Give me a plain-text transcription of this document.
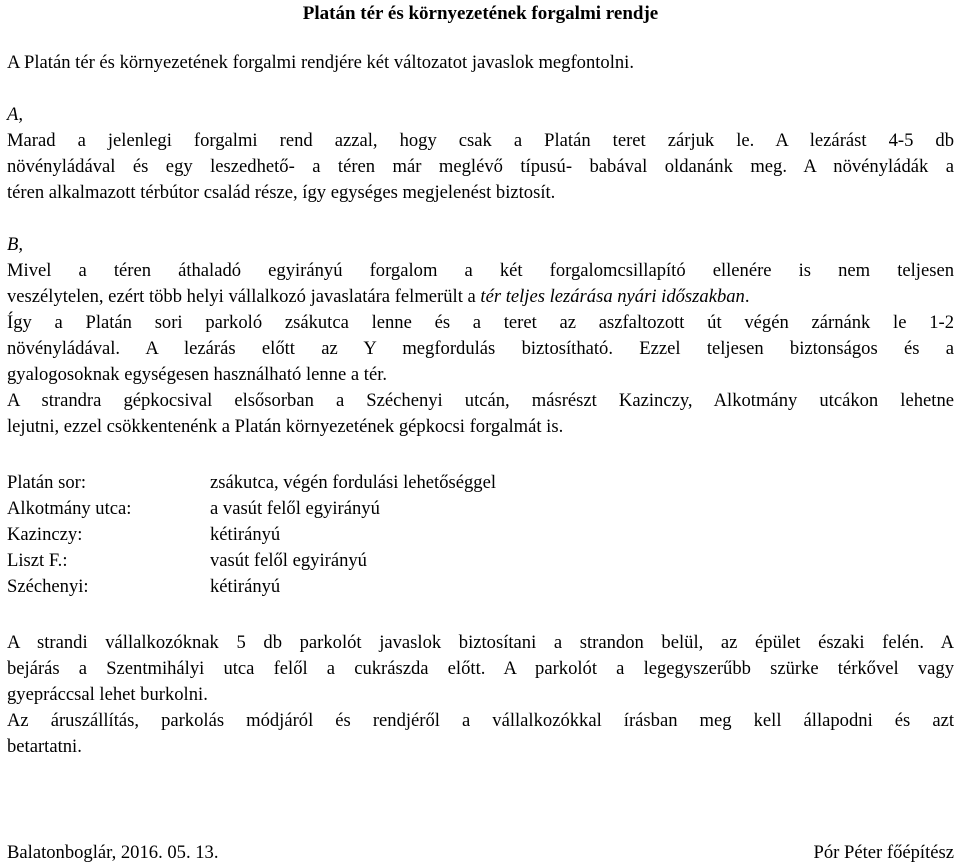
Platán tér és környezetének forgalmi rendje
A Platán tér és környezetének forgalmi rendjére két változatot javaslok megfontolni.
A,
Marad a jelenlegi forgalmi rend azzal, hogy csak a Platán teret zárjuk le. A lezárást 4-5 db
növényládával és egy leszedhető- a téren már meglévő típusú- babával oldanánk meg. A növényládák a
téren alkalmazott térbútor család része, így egységes megjelenést biztosít.
B,
Mivel a téren áthaladó egyirányú forgalom a két forgalomcsillapító ellenére is nem teljesen
veszélytelen, ezért több helyi vállalkozó javaslatára felmerült a tér teljes lezárása nyári időszakban.
Így a Platán sori parkoló zsákutca lenne és a teret az aszfaltozott út végén zárnánk le 1-2
növényládával. A lezárás előtt az Y megfordulás biztosítható. Ezzel teljesen biztonságos és a
gyalogosoknak egységesen használható lenne a tér.
A strandra gépkocsival elsősorban a Széchenyi utcán, másrészt Kazinczy, Alkotmány utcákon lehetne
lejutni, ezzel csökkentenénk a Platán környezetének gépkocsi forgalmát is.
Platán sor:	zsákutca, végén fordulási lehetőséggel
Alkotmány utca:	a vasút felől egyirányú
Kazinczy:	kétirányú
Liszt F.:	vasút felől egyirányú
Széchenyi:	kétirányú
A strandi vállalkozóknak 5 db parkolót javaslok biztosítani a strandon belül, az épület északi felén. A
bejárás a Szentmihályi utca felől a cukrászda előtt. A parkolót a legegyszerűbb szürke térkővel vagy
gyepráccsal lehet burkolni.
Az áruszállítás, parkolás módjáról és rendjéről a vállalkozókkal írásban meg kell állapodni és azt
betartatni.
Balatonboglár, 2016. 05. 13.	Pór Péter főépítész
